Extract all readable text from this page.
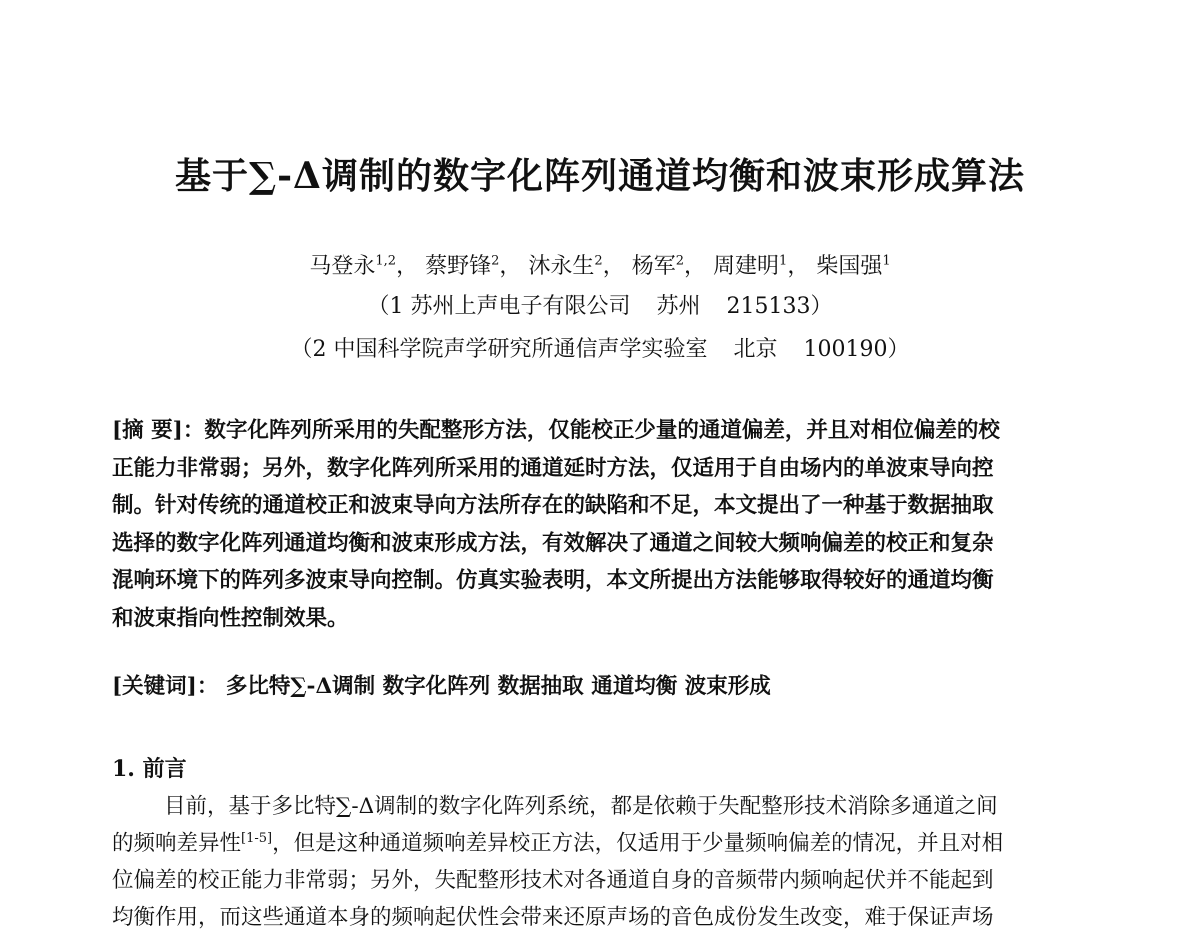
基于∑-Δ调制的数字化阵列通道均衡和波束形成算法
马登永$^{1,2}$， 蔡野锋$^2$， 沐永生$^2$， 杨军$^2$， 周建明$^1$， 柴国强$^1$
（1 苏州上声电子有限公司 苏州 215133）
（2 中国科学院声学研究所通信声学实验室 北京 100190）
[摘 要]：数字化阵列所采用的失配整形方法，仅能校正少量的通道偏差，并且对相位偏差的校
正能力非常弱；另外，数字化阵列所采用的通道延时方法，仅适用于自由场内的单波束导向控
制。针对传统的通道校正和波束导向方法所存在的缺陷和不足，本文提出了一种基于数据抽取
选择的数字化阵列通道均衡和波束形成方法，有效解决了通道之间较大频响偏差的校正和复杂
混响环境下的阵列多波束导向控制。仿真实验表明，本文所提出方法能够取得较好的通道均衡
和波束指向性控制效果。
[关键词]： 多比特∑-Δ调制 数字化阵列 数据抽取 通道均衡 波束形成
1. 前言
目前，基于多比特∑-Δ调制的数字化阵列系统，都是依赖于失配整形技术消除多通道之间
的频响差异性[1-5]，但是这种通道频响差异校正方法，仅适用于少量频响偏差的情况，并且对相
位偏差的校正能力非常弱；另外，失配整形技术对各通道自身的音频带内频响起伏并不能起到
均衡作用，而这些通道本身的频响起伏性会带来还原声场的音色成份发生改变，难于保证声场
